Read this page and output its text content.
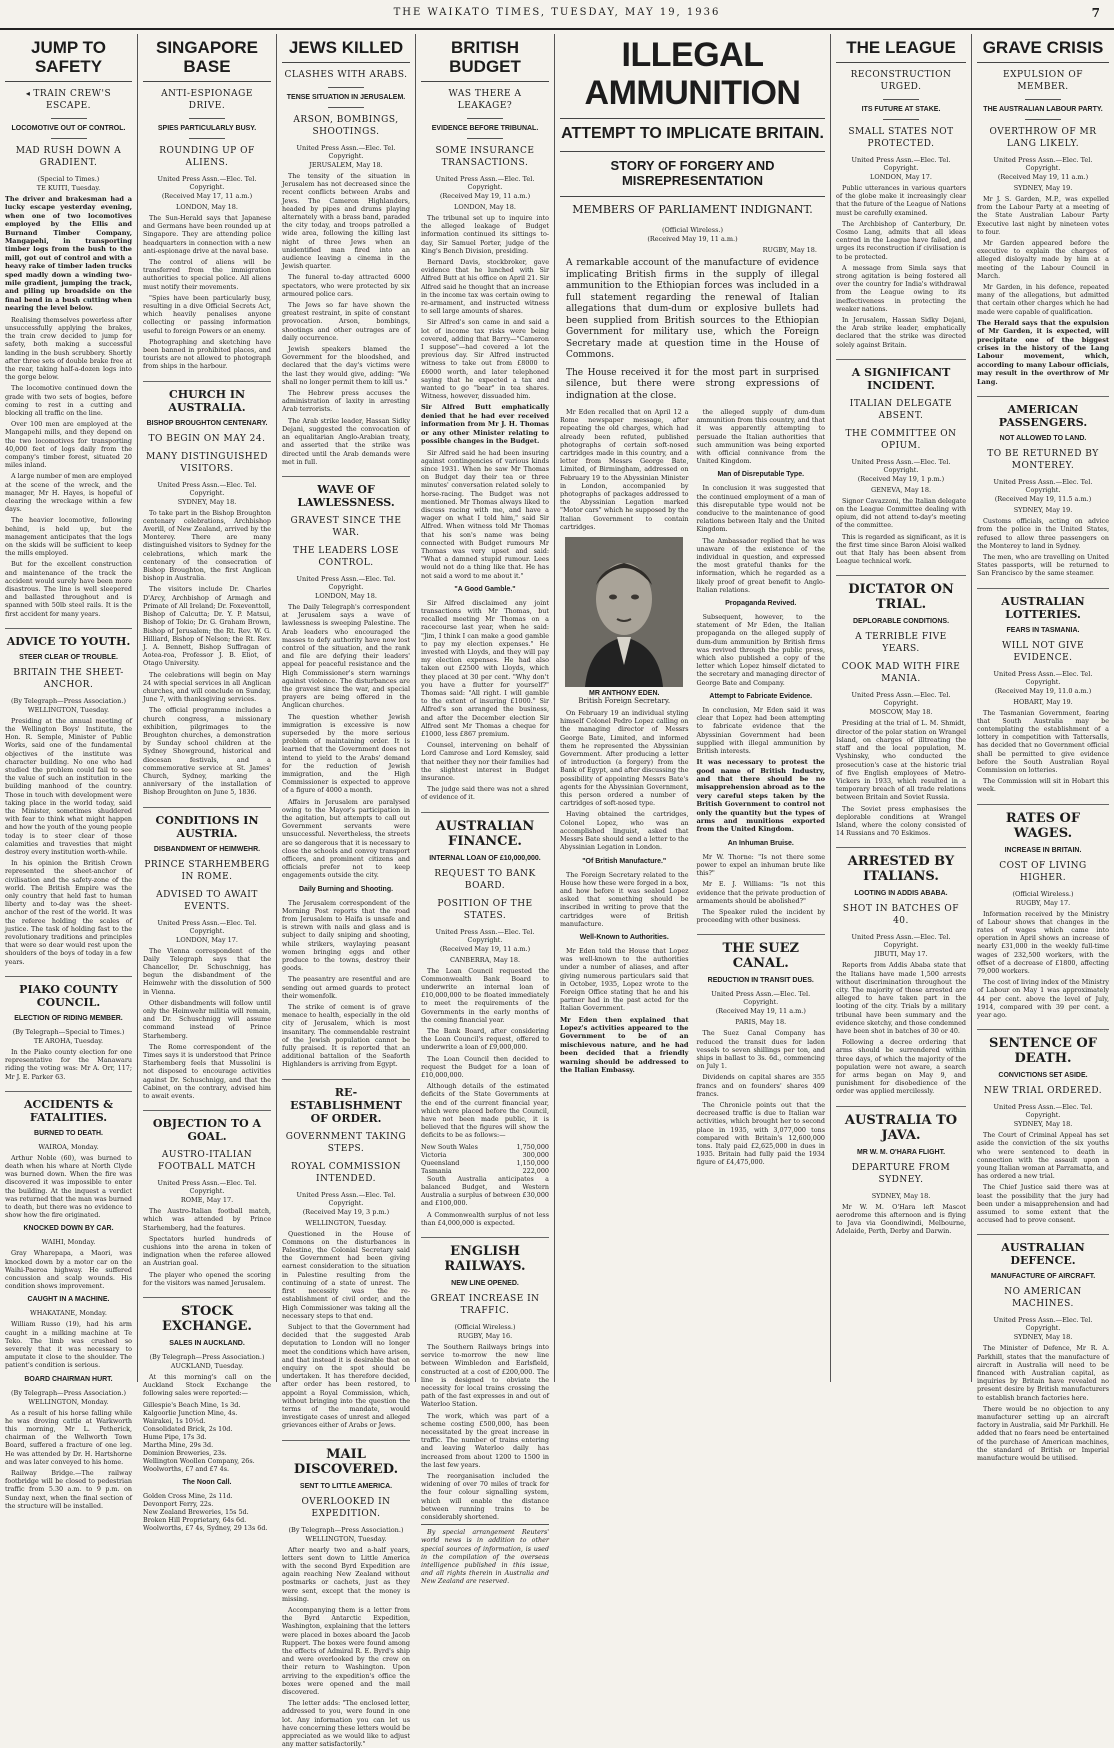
THE WAIKATO TIMES, TUESDAY, MAY 19, 1936	7
JUMP TO SAFETY
◂ TRAIN CREW'S ESCAPE.
LOCOMOTIVE OUT OF CONTROL.
MAD RUSH DOWN A GRADIENT.
(Special to Times.)
TE KUITI, Tuesday.

The driver and brakesman had a lucky escape yesterday evening, when one of two locomotives employed by the Ellis and Burnand Timber Company, Mangapehi, in transporting timber logs from the bush to the mill, got out of control and with a heavy rake of timber laden trucks sped madly down a winding two-mile gradient, jumping the track, and piling up broadside on the final bend in a bush cutting when nearing the level below.

Realising themselves powerless after unsuccessfully applying the brakes, the train crew decided to jump for safety, both making a successful landing in the bush scrubbery. Shortly after three sets of double brake free at the rear, taking half-a-dozen logs into the gorge below.

The locomotive continued down the grade with two sets of bogies, before coming to rest in a cutting and blocking all traffic on the line.

Over 100 men are employed at the Mangapehi mills, and they depend on the two locomotives for transporting 40,000 feet of logs daily from the company's timber forest, situated 20 miles inland.

A large number of men are employed at the scene of the wreck, and the manager, Mr H. Hayes, is hopeful of clearing the wreckage within a few days.

The heavier locomotive, following behind, is held up, but the management anticipates that the logs on the skids will be sufficient to keep the mills employed.

But for the excellent construction and maintenance of the track the accident would surely have been more disastrous. The line is well sleepered and ballasted throughout and is spanned with 50lb steel rails. It is the first accident for many years.

ADVICE TO YOUTH.
STEER CLEAR OF TROUBLE.
BRITAIN THE SHEET-ANCHOR.
(By Telegraph—Press Association.)
WELLINGTON, Tuesday.

Presiding at the annual meeting of the Wellington Boys' Institute, the Hon. R. Semple, Minister of Public Works, said one of the fundamental objectives of the institute was character building. No one who had studied the problem could fail to see the value of such an institution in the building manhood of the country. Those in touch with development were taking place in the world today, said the Minister, sometimes shuddered with fear to think what might happen and how the youth of the young people today is to steer clear of those calamities and travesties that might destroy every institution worth-while.

In his opinion the British Crown represented the sheet-anchor of civilisation and the safety-zone of the world. The British Empire was the only country that held fast to human liberty and to-day was the sheet-anchor of the rest of the world. It was the referee holding the scales of justice. The task of holding fast to the revolutionary traditions and principles that were so dear would rest upon the shoulders of the boys of today in a few years.

PIAKO COUNTY COUNCIL.
ELECTION OF RIDING MEMBER.
(By Telegraph—Special to Times.)
TE AROHA, Tuesday.

In the Piako county election for one representative for the Manawaru riding the voting was: Mr A. Orr, 117; Mr J. E. Parker 63.

ACCIDENTS & FATALITIES.
BURNED TO DEATH.
WAIROA, Monday.

Arthur Noble (60), was burned to death when his whare at North Clyde was burned down. When the fire was discovered it was impossible to enter the building. At the inquest a verdict was returned that the man was burned to death, but there was no evidence to show how the fire originated.

KNOCKED DOWN BY CAR.
WAIHI, Monday.

Gray Wharepapa, a Maori, was knocked down by a motor car on the Waihi-Paeroa highway. He suffered concussion and scalp wounds. His condition shows improvement.

CAUGHT IN A MACHINE.
WHAKATANE, Monday.

William Russo (19), had his arm caught in a milking machine at Te Teko. The limb was crushed so severely that it was necessary to amputate it close to the shoulder. The patient's condition is serious.

BOARD CHAIRMAN HURT.
(By Telegraph—Press Association.)
WELLINGTON, Monday.

As a result of his horse falling while he was droving cattle at Warkworth this morning, Mr L. Petherick, chairman of the Wellworth Town Board, suffered a fracture of one leg. He was attended by Dr. H. Hartshorne and was later conveyed to his home.

Railway Bridge.—The railway footbridge will be closed to pedestrian traffic from 5.30 a.m. to 9 p.m. on Sunday next, when the final section of the structure will be installed.

SINGAPORE BASE
ANTI-ESPIONAGE DRIVE.
SPIES PARTICULARLY BUSY.
ROUNDING UP OF ALIENS.
United Press Assn.—Elec. Tel. Copyright.
(Received May 17, 11 a.m.)
LONDON, May 18.

The Sun-Herald says that Japanese and Germans have been rounded up at Singapore. They are attending police headquarters in connection with a new anti-espionage drive at the naval base.

The control of aliens will be transferred from the immigration authorities to special police. All aliens must notify their movements.

"Spies have been particularly busy, resulting in a dive Official Secrets Act, which heavily penalises anyone collecting or passing information useful to foreign Powers or an enemy.

Photographing and sketching have been banned in prohibited places, and tourists are not allowed to photograph from ships in the harbour.

CHURCH IN AUSTRALIA.
BISHOP BROUGHTON CENTENARY.
TO BEGIN ON MAY 24.
MANY DISTINGUISHED VISITORS.
United Press Assn.—Elec. Tel. Copyright.
SYDNEY, May 18.

To take part in the Bishop Broughton centenary celebrations, Archbishop Averill, of New Zealand, arrived by the Monterey. There are many distinguished visitors to Sydney for the celebrations, which mark the centenary of the consecration of Bishop Broughton, the first Anglican bishop in Australia.

The visitors include Dr. Charles D'Arcy, Archbishop of Armagh and Primate of All Ireland; Dr. Foxeventtoll, Bishop of Calcutta; Dr. Y. P. Matsui, Bishop of Tokio; Dr. G. Graham Brown, Bishop of Jerusalem; the Rt. Rev. W. G. Hilliard, Bishop of Nelson; the Rt. Rev. J. A. Bennett, Bishop Suffragan of Aotea-roa, Professor J. B. Eliot, of Otago University.

The celebrations will begin on May 24 with special services in all Anglican churches, and will conclude on Sunday, June 7, with thanksgiving services.

The official programme includes a church congress, a missionary exhibition, pilgrimages to the Broughton churches, a demonstration by Sunday school children at the Sydney Showground, historical and diocesan festivals, and a commemorative service at St. James' Church, Sydney, marking the anniversary of the installation of Bishop Broughton on June 5, 1836.

CONDITIONS IN AUSTRIA.
DISBANDMENT OF HEIMWEHR.
PRINCE STARHEMBERG IN ROME.
ADVISED TO AWAIT EVENTS.
United Press Assn.—Elec. Tel. Copyright.
LONDON, May 17.

The Vienna correspondent of the Daily Telegraph says that the Chancellor, Dr. Schuschnigg, has begun the disbandment of the Heimwehr with the dissolution of 500 in Vienna.

Other disbandments will follow until only the Heimwehr militia will remain, and Dr. Schuschnigg will assume command instead of Prince Starhemberg.

The Rome correspondent of the Times says it is understood that Prince Starhemberg feels that Mussolini is not disposed to encourage activities against Dr. Schuschnigg, and that the Cabinet, on the contrary, advised him to await events.

OBJECTION TO A GOAL.
AUSTRO-ITALIAN FOOTBALL MATCH
United Press Assn.—Elec. Tel. Copyright.
ROME, May 17.

The Austro-Italian football match, which was attended by Prince Starhemberg, had the features.

Spectators hurled hundreds of cushions into the arena in token of indignation when the referee allowed an Austrian goal.

The player who opened the scoring for the visitors was named Jerusalem.

STOCK EXCHANGE.
SALES IN AUCKLAND.
(By Telegraph—Press Association.)
AUCKLAND, Tuesday.

At this morning's call on the Auckland Stock Exchange the following sales were reported:—

Gillespie's Beach Mine, 1s 3d.
Kalgoorlie Junction Mine, 4s.
Wairakei, 1s 10½d.
Consolidated Brick, 2s 10d.
Hume Pipe, 17s 3d.
Martha Mine, 29s 3d.
Dominion Breweries, 23s.
Wellington Woollen Company, 26s.
Woolworths, £7 and £7 4s.
The Noon Call.
Golden Cross Mine, 2s 11d.
Devonport Ferry, 22s.
New Zealand Breweries, 15s 5d.
Broken Hill Proprietary, 64s 6d.
Woolworths, £7 4s, Sydney, 29 13s 6d.
JEWS KILLED
CLASHES WITH ARABS.
TENSE SITUATION IN JERUSALEM.
ARSON, BOMBINGS, SHOOTINGS.
United Press Assn.—Elec. Tel. Copyright.
JERUSALEM, May 18.

The tensity of the situation in Jerusalem has not decreased since the recent conflicts between Arabs and Jews. The Cameron Highlanders, headed by pipes and drums playing alternately with a brass band, paraded the city today, and troops patrolled a wide area, following the killing last night of three Jews when an unidentified man fired into an audience leaving a cinema in the Jewish quarter.

The funeral to-day attracted 6000 spectators, who were protected by six armoured police cars.

The Jews so far have shown the greatest restraint, in spite of constant provocation. Arson, bombings, shootings and other outrages are of daily occurrence.

Jewish speakers blamed the Government for the bloodshed, and declared that the day's victims were the last they would give, adding: "We shall no longer permit them to kill us."

The Hebrew press accuses the administration of laxity in arresting Arab terrorists.

The Arab strike leader, Hassan Sidky Dejani, suggested the convocation of an equalitarian Anglo-Arabian treaty, and asserted that the strike was directed until the Arab demands were met in full.

WAVE OF LAWLESSNESS.
GRAVEST SINCE THE WAR.
THE LEADERS LOSE CONTROL.
United Press Assn.—Elec. Tel. Copyright.
LONDON, May 18.

The Daily Telegraph's correspondent at Jerusalem says a wave of lawlessness is sweeping Palestine. The Arab leaders who encouraged the masses to defy authority have now lost control of the situation, and the rank and file are defying their leaders' appeal for peaceful resistance and the High Commissioner's stern warnings against violence. The disturbances are the gravest since the war, and special prayers are being offered in the Anglican churches.

The question whether Jewish immigration is excessive is now superseded by the more serious problem of maintaining order. It is learned that the Government does not intend to yield to the Arabs' demand for the reduction of Jewish immigration, and the High Commissioner is expected to approve of a figure of 4000 a month.

Affairs in Jerusalem are paralysed owing to the Mayor's participation in the agitation, but attempts to call out Government servants were unsuccessful. Nevertheless, the streets are so dangerous that it is necessary to close the schools and convoy transport officers, and prominent citizens and officials prefer not to keep engagements outside the city.

Daily Burning and Shooting.

The Jerusalem correspondent of the Morning Post reports that the road from Jerusalem to Haifa is unsafe and is strewn with nails and glass and is subject to daily sniping and shooting, while strikers, waylaying peasant women bringing eggs and other produce to the towns, destroy their goods.

The peasantry are resentful and are sending out armed guards to protect their womenfolk.

The strike of cement is of grave menace to health, especially in the old city of Jerusalem, which is most insanitary. The commendable restraint of the Jewish population cannot be fully praised. It is reported that an additional battalion of the Seaforth Highlanders is arriving from Egypt.

RE-ESTABLISHMENT OF ORDER.
GOVERNMENT TAKING STEPS.
ROYAL COMMISSION INTENDED.
United Press Assn.—Elec. Tel. Copyright.
(Received May 19, 3 p.m.)
WELLINGTON, Tuesday.

Questioned in the House of Commons on the disturbances in Palestine, the Colonial Secretary said the Government had been giving earnest consideration to the situation in Palestine resulting from the continuing of a state of unrest. The first necessity was the re-establishment of civil order, and the High Commissioner was taking all the necessary steps to that end.

Subject to that the Government had decided that the suggested Arab deputation to London will no longer meet the conditions which have arisen, and that instead it is desirable that on enquiry on the spot should be undertaken. It has therefore decided, after order has been restored, to appoint a Royal Commission, which, without bringing into the question the terms of the mandate, would investigate cases of unrest and alleged grievances either of Arabs or Jews.

MAIL DISCOVERED.
SENT TO LITTLE AMERICA.
OVERLOOKED IN EXPEDITION.
(By Telegraph—Press Association.)
WELLINGTON, Tuesday.

After nearly two and a-half years, letters sent down to Little America with the second Byrd Expedition are again reaching New Zealand without postmarks or cachets, just as they were sent, except that the money is missing.

Accompanying them is a letter from the Byrd Antarctic Expedition, Washington, explaining that the letters were placed in boxes aboard the Jacob Ruppert. The boxes were found among the effects of Admiral R. E. Byrd's ship and were overlooked by the crew on their return to Washington. Upon arriving to the expedition's office the boxes were opened and the mail discovered.

The letter adds: "The enclosed letter, addressed to you, were found in one lot. Any information you can let us have concerning these letters would be appreciated as we would like to adjust any matter satisfactorily."

BRITISH BUDGET
WAS THERE A LEAKAGE?
EVIDENCE BEFORE TRIBUNAL.
SOME INSURANCE TRANSACTIONS.
United Press Assn.—Elec. Tel. Copyright.
(Received May 19, 11 a.m.)
LONDON, May 18.

The tribunal set up to inquire into the alleged leakage of Budget information continued its sittings to-day, Sir Samuel Porter, judge of the King's Bench Division, presiding.

Bernard Davis, stockbroker, gave evidence that he lunched with Sir Alfred Butt at his office on April 21. Sir Alfred said he thought that an increase in the income tax was certain owing to re-armament, and instructed witness to sell large amounts of shares.

Sir Alfred's son came in and said a lot of income tax risks were being covered, adding that Barry—"Cameron I suppose"—had covered a lot the previous day. Sir Alfred instructed witness to take out from £8000 to £6000 worth, and later telephoned saying that he expected a tax and wanted to go "bear" in tea shares. Witness, however, dissuaded him.

Sir Alfred Butt emphatically denied that he had ever received information from Mr J. H. Thomas or any other Minister relating to possible changes in the Budget.

Sir Alfred said he had been insuring against contingencies of various kinds since 1931. When he saw Mr Thomas on Budget day their tea or three minutes' conversation related solely to horse-racing. The Budget was not mentioned. Mr Thomas always liked to discuss racing with me, and have a wager on what I told him," said Sir Alfred. When witness told Mr Thomas that his son's name was being connected with Budget rumours Mr Thomas was very upset and said: "What a damned stupid rumour. Lees would not do a thing like that. He has not said a word to me about it."

"A Good Gamble."

Sir Alfred disclaimed any joint transactions with Mr Thomas, but recalled meeting Mr Thomas on a racecourse last year, when he said: "Jim, I think I can make a good gamble to pay my election expenses." He invested with Lloyds, and they will pay my election expenses. He had also taken out £2500 with Lloyds, which they placed at 30 per cent. "Why don't you have a flutter for yourself?" Thomas said: "All right. I will gamble to the extent of insuring £1000." Sir Alfred's son arranged the business, and after the December election Sir Alfred sent Mr Thomas a cheque for £1000, less £867 premium.

Counsel, intervening on behalf of Lord Camrose and Lord Kemsley, said that neither they nor their families had the slightest interest in Budget insurance.

The judge said there was not a shred of evidence of it.

AUSTRALIAN FINANCE.
INTERNAL LOAN OF £10,000,000.
REQUEST TO BANK BOARD.
POSITION OF THE STATES.
United Press Assn.—Elec. Tel. Copyright.
(Received May 19, 11 a.m.)
CANBERRA, May 18.

The Loan Council requested the Commonwealth Bank Board to underwrite an internal loan of £10,000,000 to be floated immediately to meet the requirements of the Governments in the early months of the coming financial year.

The Bank Board, after considering the Loan Council's request, offered to underwrite a loan of £9,000,000.

The Loan Council then decided to request the Budget for a loan of £10,000,000.

Although details of the estimated deficits of the State Governments at the end of the current financial year, which were placed before the Council, have not been made public, it is believed that the figures will show the deficits to be as follows:—

New South Wales	1,750,000
Victoria	300,000
Queensland	1,150,000
Tasmania	222,000

South Australia anticipates a balanced Budget, and Western Australia a surplus of between £30,000 and £100,000.

A Commonwealth surplus of not less than £4,000,000 is expected.

ENGLISH RAILWAYS.
NEW LINE OPENED.
GREAT INCREASE IN TRAFFIC.
(Official Wireless.)
RUGBY, May 16.

The Southern Railways brings into service to-morrow the new line between Wimbledon and Earlsfield, constructed at a cost of £200,000. The line is designed to obviate the necessity for local trains crossing the path of the fast expresses in and out of Waterloo Station.

The work, which was part of a scheme costing £500,000, has been necessitated by the great increase in traffic. The number of trains entering and leaving Waterloo daily has increased from about 1200 to 1500 in the last few years.

The reorganisation included the widening of over 70 miles of track for the four colour signalling system, which will enable the distance between running trains to be considerably shortened.

By special arrangement Reuters' world news is in addition to other special sources of information, is used in the compilation of the overseas intelligence published in this issue, and all rights therein in Australia and New Zealand are reserved.

ILLEGAL AMMUNITION
ATTEMPT TO IMPLICATE BRITAIN.
STORY OF FORGERY AND MISREPRESENTATION
MEMBERS OF PARLIAMENT INDIGNANT.
(Official Wireless.)
(Received May 19, 11 a.m.)
RUGBY, May 18.

A remarkable account of the manufacture of evidence implicating British firms in the supply of illegal ammunition to the Ethiopian forces was included in a full statement regarding the renewal of Italian allegations that dum-dum or explosive bullets had been supplied from British sources to the Ethiopian Government for military use, which the Foreign Secretary made at question time in the House of Commons.

The House received it for the most part in surprised silence, but there were strong expressions of indignation at the close.

Mr Eden recalled that on April 12 a Rome newspaper message, after repeating the old charges, which had already been refuted, published photographs of certain soft-nosed cartridges made in this country, and a letter from Messrs George Bate, Limited, of Birmingham, addressed on February 19 to the Abyssinian Minister in London, accompanied by photographs of packages addressed to the Abyssinian Legation marked "Motor cars" which he supposed by the Italian Government to contain cartridges.

MR ANTHONY EDEN.
British Foreign Secretary.

On February 19 an individual styling himself Colonel Pedro Lopez calling on the managing director of Messrs George Bate, Limited, and informed them he represented the Abyssinian Government. After producing a letter of introduction (a forgery) from the Bank of Egypt, and after discussing the possibility of appointing Messrs Bate's agents for the Abyssinian Government, this person ordered a number of cartridges of soft-nosed type.

Having obtained the cartridges, Colonel Lopez, who was an accomplished linguist, asked that Messrs Bate should send a letter to the Abyssinian Legation in London.

"Of British Manufacture."

The Foreign Secretary related to the House how these were forged in a box, and how before it was sealed Lopez asked that something should be inscribed in writing to prove that the cartridges were of British manufacture.

Well-Known to Authorities.

Mr Eden told the House that Lopez was well-known to the authorities under a number of aliases, and after giving numerous particulars said that in October, 1935, Lopez wrote to the Foreign Office stating that he and his partner had in the past acted for the Italian Government.

Mr Eden then explained that Lopez's activities appeared to the Government to be of an mischievous nature, and he had been decided that a friendly warning should be addressed to the Italian Embassy.

the alleged supply of dum-dum ammunition from this country, and that it was apparently attempting to persuade the Italian authorities that such ammunition was being exported with official connivance from the United Kingdom.

Man of Disreputable Type.

In conclusion it was suggested that the continued employment of a man of this disreputable type would not be conducive to the maintenance of good relations between Italy and the United Kingdom.

The Ambassador replied that he was unaware of the existence of the individual in question, and expressed the most grateful thanks for the information, which he regarded as a likely proof of great benefit to Anglo-Italian relations.

Propaganda Revived.

Subsequent, however, to the statement of Mr Eden, the Italian propaganda on the alleged supply of dum-dum ammunition by British firms was revived through the public press, which also published a copy of the letter which Lopez himself dictated to the secretary and managing director of George Bate and Company.

Attempt to Fabricate Evidence.

In conclusion, Mr Eden said it was clear that Lopez had been attempting to fabricate evidence that the Abyssinian Government had been supplied with illegal ammunition by British interests.

It was necessary to protest the good name of British Industry, and that there should be no misapprehension abroad as to the very careful steps taken by the British Government to control not only the quantity but the types of arms and munitions exported from the United Kingdom.

An Inhuman Bruise.

Mr W. Thorne: "Is not there some power to expel an inhuman brute like this?"

Mr E. J. Williams: "Is not this evidence that the private production of armaments should be abolished?"

The Speaker ruled the incident by proceeding with other business.

THE SUEZ CANAL.
REDUCTION IN TRANSIT DUES.
United Press Assn.—Elec. Tel. Copyright.
(Received May 19, 11 a.m.)
PARIS, May 18.

The Suez Canal Company has reduced the transit dues for laden vessels to seven shillings per ton, and ships in ballast to 3s. 6d., commencing on July 1.

Dividends on capital shares are 355 francs and on founders' shares 409 francs.

The Chronicle points out that the decreased traffic is due to Italian war activities, which brought her to second place in 1935, with 3,077,000 tons compared with Britain's 12,600,000 tons. Italy paid £2,625,000 in dues in 1935. Britain had fully paid the 1934 figure of £4,475,000.

THE LEAGUE
RECONSTRUCTION URGED.
ITS FUTURE AT STAKE.
SMALL STATES NOT PROTECTED.
United Press Assn.—Elec. Tel. Copyright.
LONDON, May 17.

Public utterances in various quarters of the globe make it increasingly clear that the future of the League of Nations must be carefully examined.

The Archbishop of Canterbury, Dr. Cosmo Lang, admits that all ideas centred in the League have failed, and urges its reconstruction if civilisation is to be protected.

A message from Simla says that strong agitation is being fostered all over the country for India's withdrawal from the League owing to its ineffectiveness in protecting the weaker nations.

In Jerusalem, Hassan Sidky Dejani, the Arab strike leader, emphatically declared that the strike was directed solely against Britain.

A SIGNIFICANT INCIDENT.
ITALIAN DELEGATE ABSENT.
THE COMMITTEE ON OPIUM.
United Press Assn.—Elec. Tel. Copyright.
(Received May 19, 1 p.m.)
GENEVA, May 18.

Signor Cavazzoni, the Italian delegate on the League Committee dealing with opium, did not attend to-day's meeting of the committee.

This is regarded as significant, as it is the first time since Baron Aloisi walked out that Italy has been absent from League technical work.

DICTATOR ON TRIAL.
DEPLORABLE CONDITIONS.
A TERRIBLE FIVE YEARS.
COOK MAD WITH FIRE MANIA.
United Press Assn.—Elec. Tel. Copyright.
MOSCOW, May 18.

Presiding at the trial of L. M. Shmidt, director of the polar station on Wrangel Island, on charges of illtreating the staff and the local population, M. Vyshinsky, who conducted the prosecution's case at the historic trial of five English employees of Metro-Vickers in 1933, which resulted in a temporary breach of all trade relations between Britain and Soviet Russia.

The Soviet press emphasises the deplorable conditions at Wrangel Island, where the colony consisted of 14 Russians and 70 Eskimos.

ARRESTED BY ITALIANS.
LOOTING IN ADDIS ABABA.
SHOT IN BATCHES OF 40.
United Press Assn.—Elec. Tel. Copyright.
JIBUTI, May 17.

Reports from Addis Ababa state that the Italians have made 1,500 arrests without discrimination throughout the city. The majority of those arrested are alleged to have taken part in the looting of the city. Trials by a military tribunal have been summary and the evidence sketchy, and those condemned have been shot in batches of 30 or 40.

Following a decree ordering that arms should be surrendered within three days, of which the majority of the population were not aware, a search for arms began on May 9, and punishment for disobedience of the order was applied mercilessly.

AUSTRALIA TO JAVA.
MR W. M. O'HARA FLIGHT.
DEPARTURE FROM SYDNEY.
SYDNEY, May 18.

Mr W. M. O'Hara left Mascot aerodrome this afternoon and is flying to Java via Goondiwindi, Melbourne, Adelaide, Perth, Derby and Darwin.

GRAVE CRISIS
EXPULSION OF MEMBER.
THE AUSTRALIAN LABOUR PARTY.
OVERTHROW OF MR LANG LIKELY.
United Press Assn.—Elec. Tel. Copyright.
(Received May 19, 11 a.m.)
SYDNEY, May 19.

Mr J. S. Garden, M.P., was expelled from the Labour Party at a meeting of the State Australian Labour Party Executive last night by nineteen votes to four.

Mr Garden appeared before the executive to explain the charges of alleged disloyalty made by him at a meeting of the Labour Council in March.

Mr Garden, in his defence, repeated many of the allegations, but admitted that certain other charges which he had made were capable of qualification.

The Herald says that the expulsion of Mr Garden, it is expected, will precipitate one of the biggest crises in the history of the Lang Labour movement, which, according to many Labour officials, may result in the overthrow of Mr Lang.

AMERICAN PASSENGERS.
NOT ALLOWED TO LAND.
TO BE RETURNED BY MONTEREY.
United Press Assn.—Elec. Tel. Copyright.
(Received May 19, 11.5 a.m.)
SYDNEY, May 19.

Customs officials, acting on advice from the police in the United States, refused to allow three passengers on the Monterey to land in Sydney.

The men, who are travelling on United States passports, will be returned to San Francisco by the same steamer.

AUSTRALIAN LOTTERIES.
FEARS IN TASMANIA.
WILL NOT GIVE EVIDENCE.
United Press Assn.—Elec. Tel. Copyright.
(Received May 19, 11.0 a.m.)
HOBART, May 19.

The Tasmanian Government, fearing that South Australia may be contemplating the establishment of a lottery in competition with Tattersalls, has decided that no Government official shall be permitted to give evidence before the South Australian Royal Commission on lotteries.

The Commission will sit in Hobart this week.

RATES OF WAGES.
INCREASE IN BRITAIN.
COST OF LIVING HIGHER.
(Official Wireless.)
RUGBY, May 17.

Information received by the Ministry of Labour shows that changes in the rates of wages which came into operation in April shows an increase of nearly £31,000 in the weekly full-time wages of 232,500 workers, with the offset of a decrease of £1800, affecting 79,000 workers.

The cost of living index of the Ministry of Labour on May 1 was approximately 44 per cent. above the level of July, 1914, compared with 39 per cent. a year ago.

SENTENCE OF DEATH.
CONVICTIONS SET ASIDE.
NEW TRIAL ORDERED.
United Press Assn.—Elec. Tel. Copyright.
SYDNEY, May 18.

The Court of Criminal Appeal has set aside the conviction of the six youths who were sentenced to death in connection with the assault upon a young Italian woman at Parramatta, and has ordered a new trial.

The Chief Justice said there was at least the possibility that the jury had been under a misapprehension and had assumed to some extent that the accused had to prove consent.

AUSTRALIAN DEFENCE.
MANUFACTURE OF AIRCRAFT.
NO AMERICAN MACHINES.
United Press Assn.—Elec. Tel. Copyright.
SYDNEY, May 18.

The Minister of Defence, Mr R. A. Parkhill, states that the manufacture of aircraft in Australia will need to be financed with Australian capital, as inquiries by Britain have revealed no present desire by British manufacturers to establish branch factories here.

There would be no objection to any manufacturer setting up an aircraft factory in Australia, said Mr Parkhill. He added that no fears need be entertained of the purchase of American machines, the standard of British or Imperial manufacture would be utilised.
